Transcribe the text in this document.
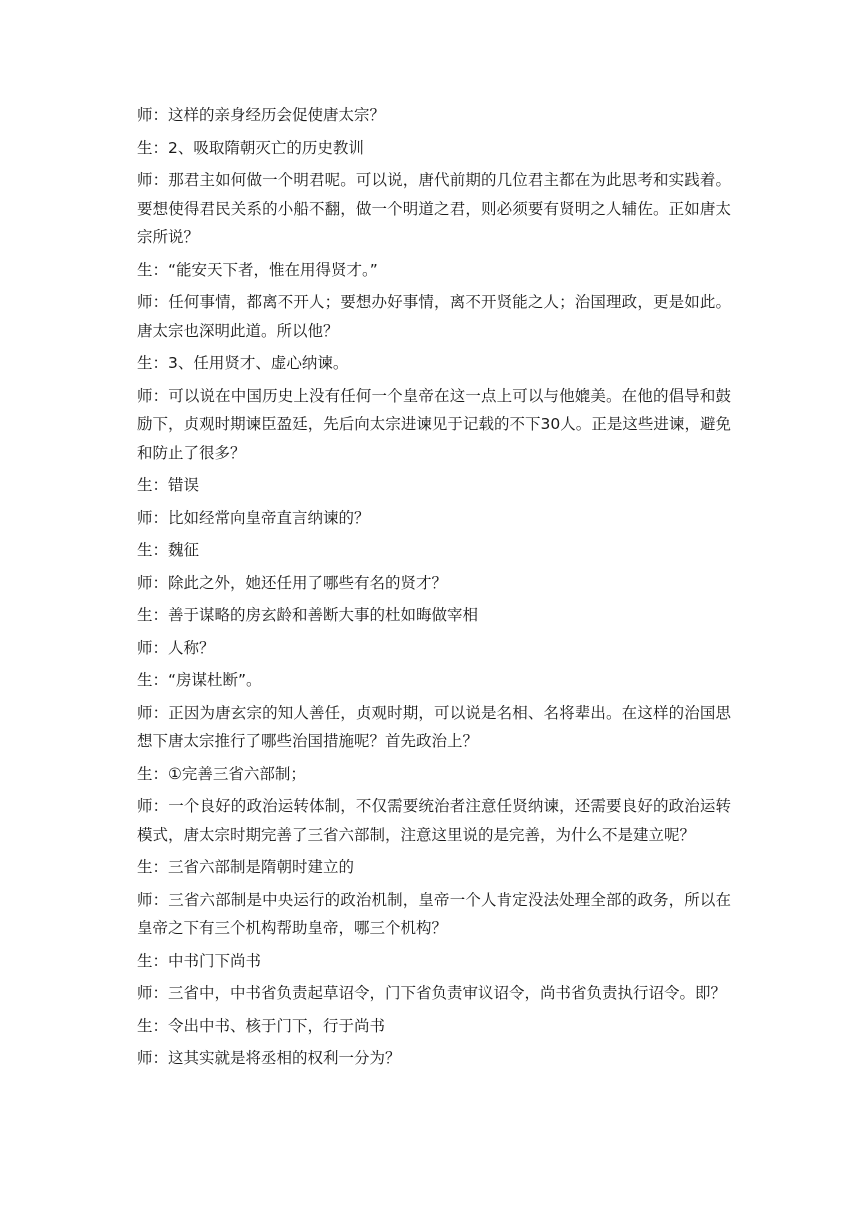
师：这样的亲身经历会促使唐太宗？

生：2、吸取隋朝灭亡的历史教训

师：那君主如何做一个明君呢。可以说，唐代前期的几位君主都在为此思考和实践着。要想使得君民关系的小船不翻，做一个明道之君，则必须要有贤明之人辅佐。正如唐太宗所说？

生：“能安天下者，惟在用得贤才。”

师：任何事情，都离不开人；要想办好事情，离不开贤能之人；治国理政，更是如此。唐太宗也深明此道。所以他？

生：3、任用贤才、虚心纳谏。

师：可以说在中国历史上没有任何一个皇帝在这一点上可以与他媲美。在他的倡导和鼓励下，贞观时期谏臣盈廷，先后向太宗进谏见于记载的不下30人。正是这些进谏，避免和防止了很多？

生：错误

师：比如经常向皇帝直言纳谏的？

生：魏征

师：除此之外，她还任用了哪些有名的贤才？

生：善于谋略的房玄龄和善断大事的杜如晦做宰相

师：人称？

生：“房谋杜断”。

师：正因为唐玄宗的知人善任，贞观时期，可以说是名相、名将辈出。在这样的治国思想下唐太宗推行了哪些治国措施呢？首先政治上？

生：①完善三省六部制；

师：一个良好的政治运转体制，不仅需要统治者注意任贤纳谏，还需要良好的政治运转模式，唐太宗时期完善了三省六部制，注意这里说的是完善，为什么不是建立呢？

生：三省六部制是隋朝时建立的

师：三省六部制是中央运行的政治机制，皇帝一个人肯定没法处理全部的政务，所以在皇帝之下有三个机构帮助皇帝，哪三个机构？

生：中书门下尚书

师：三省中，中书省负责起草诏令，门下省负责审议诏令，尚书省负责执行诏令。即？

生：令出中书、核于门下，行于尚书

师：这其实就是将丞相的权利一分为？
